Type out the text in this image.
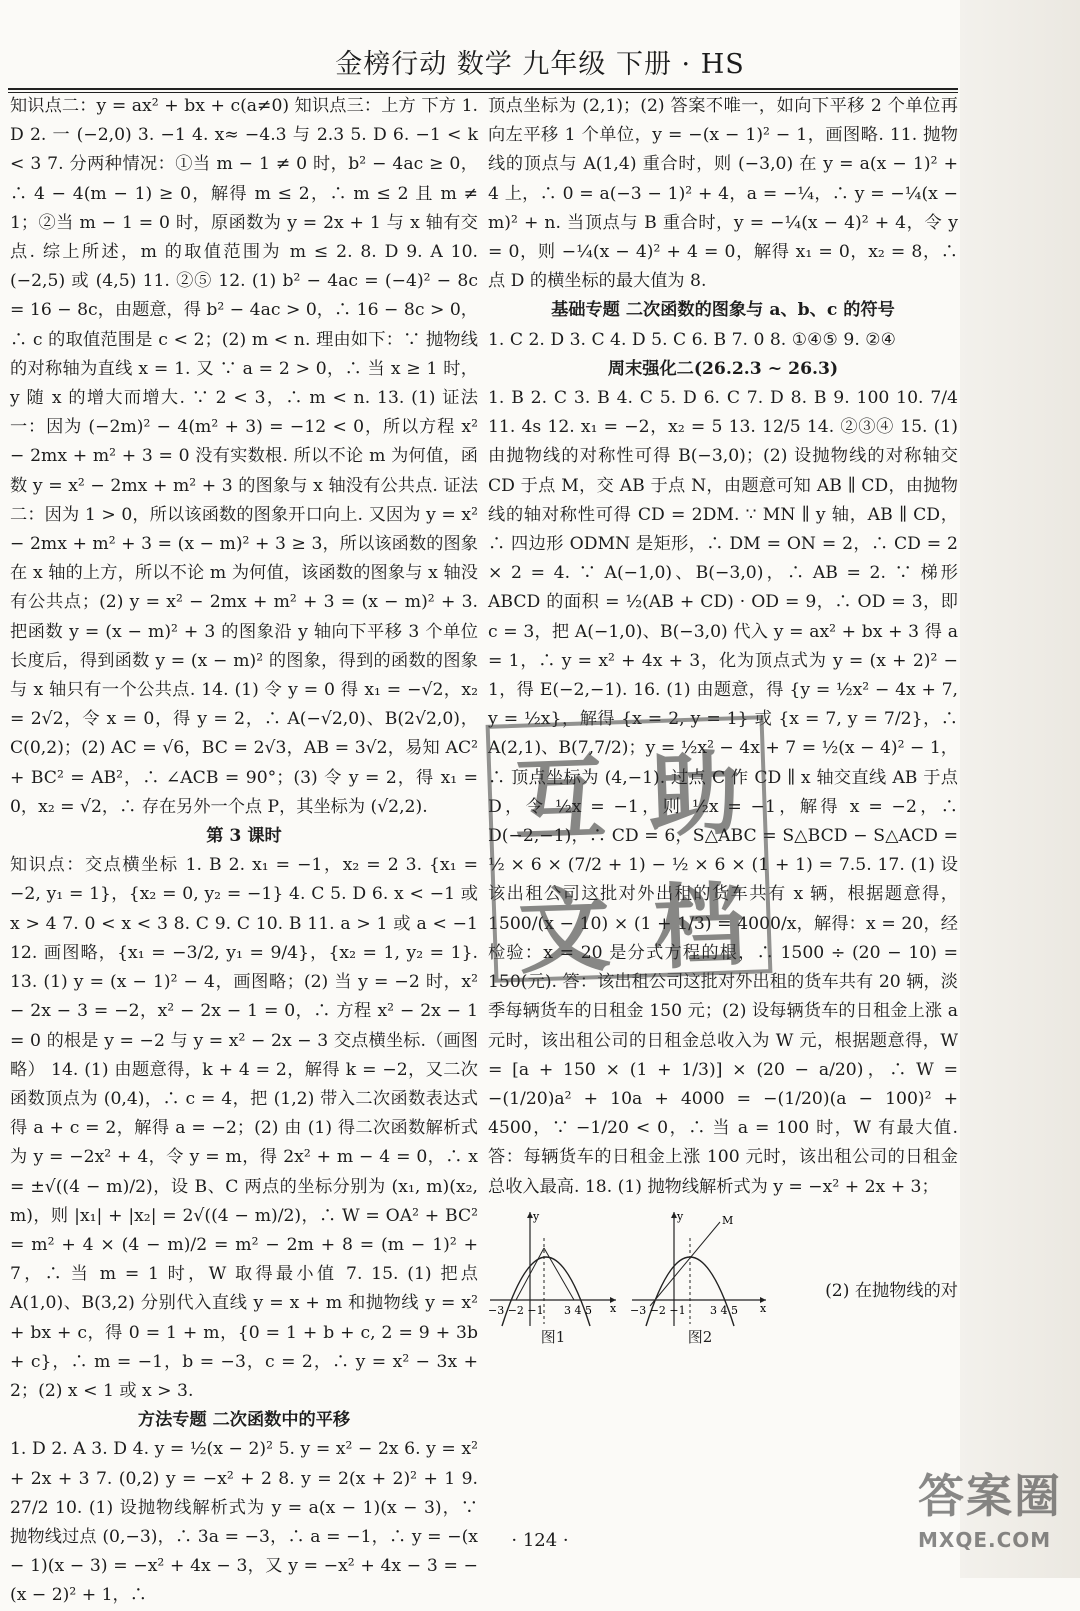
金榜行动 数学 九年级 下册 · HS

知识点二：y = ax² + bx + c(a≠0) 知识点三：上方 下方 1. D 2. 一 (−2,0) 3. −1 4. x≈ −4.3 与 2.3 5. D 6. −1 < k < 3 7. 分两种情况：①当 m − 1 ≠ 0 时，b² − 4ac ≥ 0，∴ 4 − 4(m − 1) ≥ 0，解得 m ≤ 2，∴ m ≤ 2 且 m ≠ 1；②当 m − 1 = 0 时，原函数为 y = 2x + 1 与 x 轴有交点. 综上所述，m 的取值范围为 m ≤ 2. 8. D 9. A 10. (−2,5) 或 (4,5) 11. ②⑤ 12. (1) b² − 4ac = (−4)² − 8c = 16 − 8c，由题意，得 b² − 4ac > 0，∴ 16 − 8c > 0，∴ c 的取值范围是 c < 2；(2) m < n. 理由如下：∵ 抛物线的对称轴为直线 x = 1. 又 ∵ a = 2 > 0，∴ 当 x ≥ 1 时，y 随 x 的增大而增大. ∵ 2 < 3，∴ m < n. 13. (1) 证法一：因为 (−2m)² − 4(m² + 3) = −12 < 0，所以方程 x² − 2mx + m² + 3 = 0 没有实数根. 所以不论 m 为何值，函数 y = x² − 2mx + m² + 3 的图象与 x 轴没有公共点. 证法二：因为 1 > 0，所以该函数的图象开口向上. 又因为 y = x² − 2mx + m² + 3 = (x − m)² + 3 ≥ 3，所以该函数的图象在 x 轴的上方，所以不论 m 为何值，该函数的图象与 x 轴没有公共点；(2) y = x² − 2mx + m² + 3 = (x − m)² + 3. 把函数 y = (x − m)² + 3 的图象沿 y 轴向下平移 3 个单位长度后，得到函数 y = (x − m)² 的图象，得到的函数的图象与 x 轴只有一个公共点. 14. (1) 令 y = 0 得 x₁ = −√2，x₂ = 2√2，令 x = 0，得 y = 2，∴ A(−√2,0)、B(2√2,0)，C(0,2)；(2) AC = √6，BC = 2√3，AB = 3√2，易知 AC² + BC² = AB²，∴ ∠ACB = 90°；(3) 令 y = 2，得 x₁ = 0，x₂ = √2，∴ 存在另外一个点 P，其坐标为 (√2,2).

第 3 课时

知识点：交点横坐标 1. B 2. x₁ = −1，x₂ = 2 3. {x₁ = −2, y₁ = 1}，{x₂ = 0, y₂ = −1} 4. C 5. D 6. x < −1 或 x > 4 7. 0 < x < 3 8. C 9. C 10. B 11. a > 1 或 a < −1 12. 画图略，{x₁ = −3/2, y₁ = 9/4}，{x₂ = 1, y₂ = 1}. 13. (1) y = (x − 1)² − 4，画图略；(2) 当 y = −2 时，x² − 2x − 3 = −2，x² − 2x − 1 = 0，∴ 方程 x² − 2x − 1 = 0 的根是 y = −2 与 y = x² − 2x − 3 交点横坐标.（画图略） 14. (1) 由题意得，k + 4 = 2，解得 k = −2，又二次函数顶点为 (0,4)，∴ c = 4，把 (1,2) 带入二次函数表达式得 a + c = 2，解得 a = −2；(2) 由 (1) 得二次函数解析式为 y = −2x² + 4，令 y = m，得 2x² + m − 4 = 0，∴ x = ±√((4 − m)/2)，设 B、C 两点的坐标分别为 (x₁, m)(x₂, m)，则 |x₁| + |x₂| = 2√((4 − m)/2)，∴ W = OA² + BC² = m² + 4 × (4 − m)/2 = m² − 2m + 8 = (m − 1)² + 7，∴ 当 m = 1 时，W 取得最小值 7. 15. (1) 把点 A(1,0)、B(3,2) 分别代入直线 y = x + m 和抛物线 y = x² + bx + c，得 0 = 1 + m，{0 = 1 + b + c, 2 = 9 + 3b + c}，∴ m = −1，b = −3，c = 2，∴ y = x² − 3x + 2；(2) x < 1 或 x > 3.

方法专题 二次函数中的平移

1. D 2. A 3. D 4. y = ½(x − 2)² 5. y = x² − 2x 6. y = x² + 2x + 3 7. (0,2) y = −x² + 2 8. y = 2(x + 2)² + 1 9. 27/2 10. (1) 设抛物线解析式为 y = a(x − 1)(x − 3)，∵ 抛物线过点 (0,−3)，∴ 3a = −3，∴ a = −1，∴ y = −(x − 1)(x − 3) = −x² + 4x − 3，又 y = −x² + 4x − 3 = −(x − 2)² + 1，∴

顶点坐标为 (2,1)；(2) 答案不唯一，如向下平移 2 个单位再向左平移 1 个单位，y = −(x − 1)² − 1，画图略. 11. 抛物线的顶点与 A(1,4) 重合时，则 (−3,0) 在 y = a(x − 1)² + 4 上，∴ 0 = a(−3 − 1)² + 4，a = −¼，∴ y = −¼(x − m)² + n. 当顶点与 B 重合时，y = −¼(x − 4)² + 4，令 y = 0，则 −¼(x − 4)² + 4 = 0，解得 x₁ = 0，x₂ = 8，∴ 点 D 的横坐标的最大值为 8.

基础专题 二次函数的图象与 a、b、c 的符号

1. C 2. D 3. C 4. D 5. C 6. B 7. 0 8. ①④⑤ 9. ②④

周末强化二(26.2.3 ~ 26.3)

1. B 2. C 3. B 4. C 5. D 6. C 7. D 8. B 9. 100 10. 7/4 11. 4s 12. x₁ = −2，x₂ = 5 13. 12/5 14. ②③④ 15. (1) 由抛物线的对称性可得 B(−3,0)；(2) 设抛物线的对称轴交 CD 于点 M，交 AB 于点 N，由题意可知 AB ∥ CD，由抛物线的轴对称性可得 CD = 2DM. ∵ MN ∥ y 轴，AB ∥ CD，∴ 四边形 ODMN 是矩形，∴ DM = ON = 2，∴ CD = 2 × 2 = 4. ∵ A(−1,0)、B(−3,0)，∴ AB = 2. ∵ 梯形 ABCD 的面积 = ½(AB + CD) · OD = 9，∴ OD = 3，即 c = 3，把 A(−1,0)、B(−3,0) 代入 y = ax² + bx + 3 得 a = 1，∴ y = x² + 4x + 3，化为顶点式为 y = (x + 2)² − 1，得 E(−2,−1). 16. (1) 由题意，得 {y = ½x² − 4x + 7, y = ½x}，解得 {x = 2, y = 1} 或 {x = 7, y = 7/2}，∴ A(2,1)、B(7,7/2)；y = ½x² − 4x + 7 = ½(x − 4)² − 1，∴ 顶点坐标为 (4,−1). 过点 C 作 CD ∥ x 轴交直线 AB 于点 D，令 ½x = −1，则 ½x = −1，解得 x = −2，∴ D(−2,−1)，∴ CD = 6，S△ABC = S△BCD − S△ACD = ½ × 6 × (7/2 + 1) − ½ × 6 × (1 + 1) = 7.5. 17. (1) 设该出租公司这批对外出租的货车共有 x 辆，根据题意得，1500/(x − 10) × (1 + 1/3) = 4000/x，解得：x = 20，经检验：x = 20 是分式方程的根，∴ 1500 ÷ (20 − 10) = 150(元). 答：该出租公司这批对外出租的货车共有 20 辆，淡季每辆货车的日租金 150 元；(2) 设每辆货车的日租金上涨 a 元时，该出租公司的日租金总收入为 W 元，根据题意得，W = [a + 150 × (1 + 1/3)] × (20 − a/20)，∴ W = −(1/20)a² + 10a + 4000 = −(1/20)(a − 100)² + 4500，∵ −1/20 < 0，∴ 当 a = 100 时，W 有最大值. 答：每辆货车的日租金上涨 100 元时，该出租公司的日租金总收入最高. 18. (1) 抛物线解析式为 y = −x² + 2x + 3；

−3 −2 −1 3 4 5 x
y
图1
−3 −2 −1 3 4 5 x
y	M
图2

(2) 在抛物线的对

互 助
文 档
· 124 ·
答案圈
MXQE.COM
